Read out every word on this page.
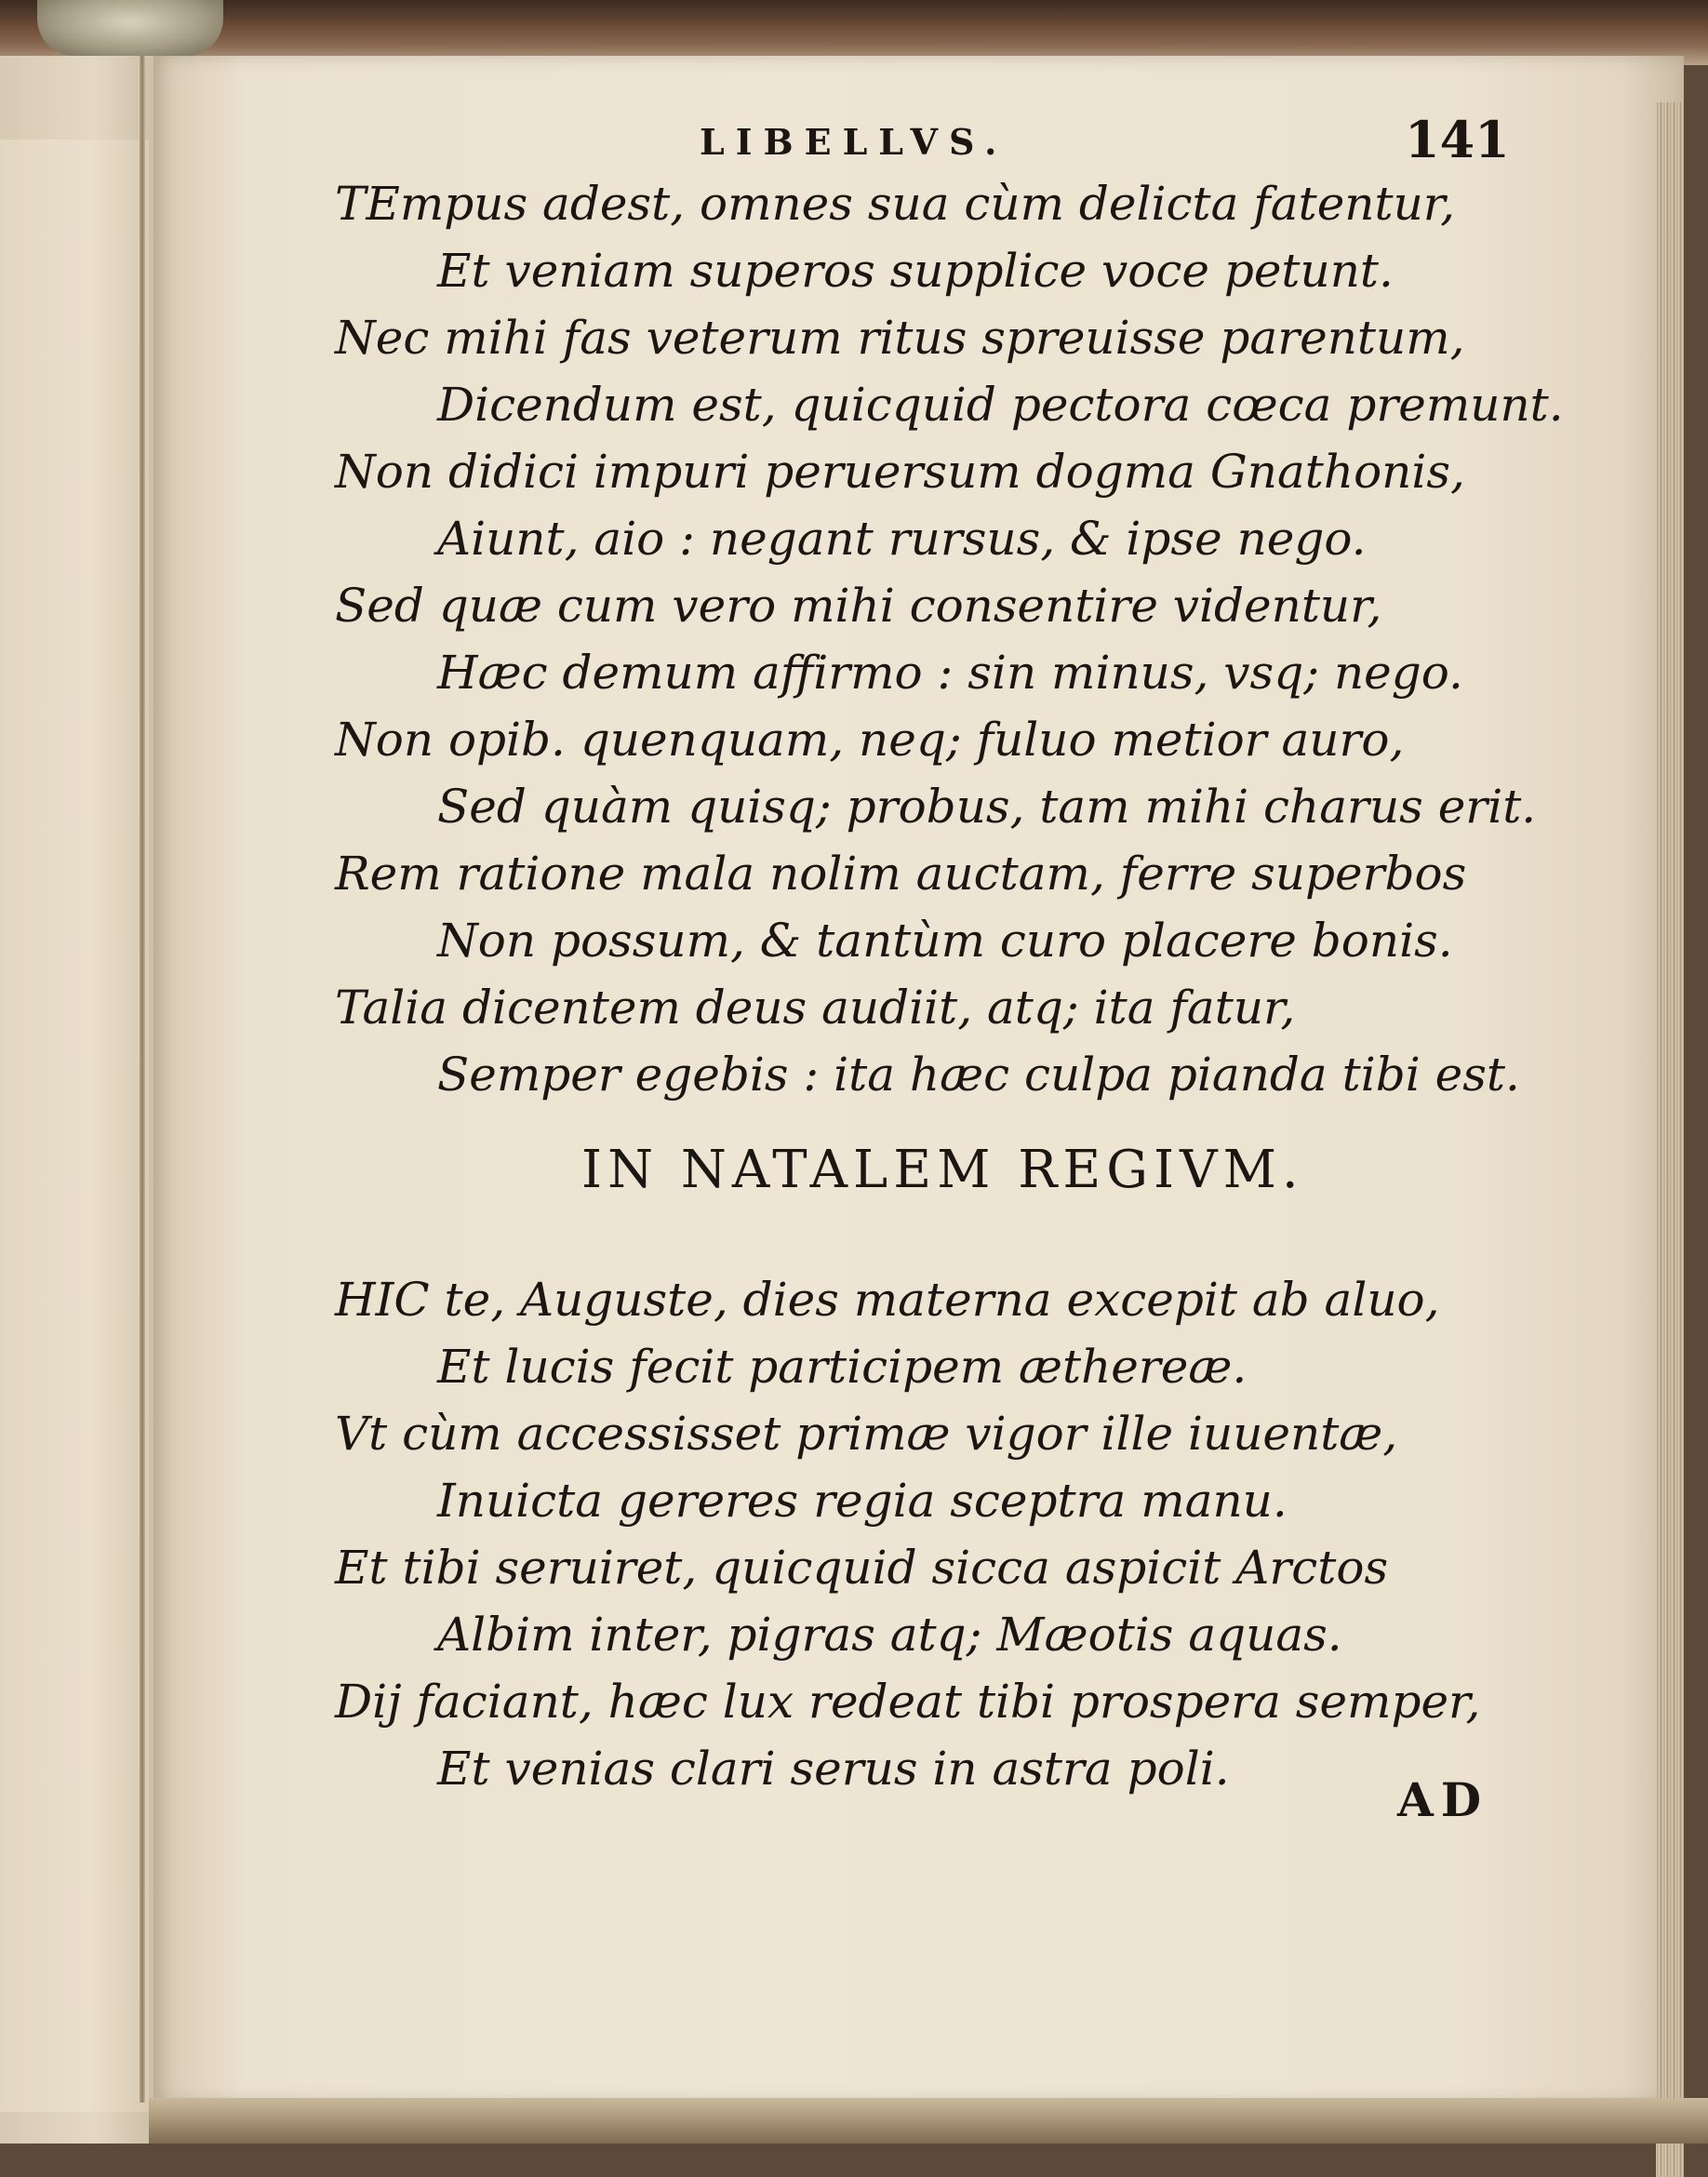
LIBELLVS.	141
TEmpus adest, omnes sua cùm delicta fatentur,
Et veniam superos supplice voce petunt.
Nec mihi fas veterum ritus spreuisse parentum,
Dicendum est, quicquid pectora cœca premunt.
Non didici impuri peruersum dogma Gnathonis,
Aiunt, aio : negant rursus, & ipse nego.
Sed quæ cum vero mihi consentire videntur,
Hæc demum affirmo : sin minus, vsq; nego.
Non opib. quenquam, neq; fuluo metior auro,
Sed quàm quisq; probus, tam mihi charus erit.
Rem ratione mala nolim auctam, ferre superbos
Non possum, & tantùm curo placere bonis.
Talia dicentem deus audiit, atq; ita fatur,
Semper egebis : ita hæc culpa pianda tibi est.
IN NATALEM REGIVM.
HIC te, Auguste, dies materna excepit ab aluo,
Et lucis fecit participem æthereæ.
Vt cùm accessisset primæ vigor ille iuuentæ,
Inuicta gereres regia sceptra manu.
Et tibi seruiret, quicquid sicca aspicit Arctos
Albim inter, pigras atq; Mæotis aquas.
Dij faciant, hæc lux redeat tibi prospera semper,
Et venias clari serus in astra poli.
AD
